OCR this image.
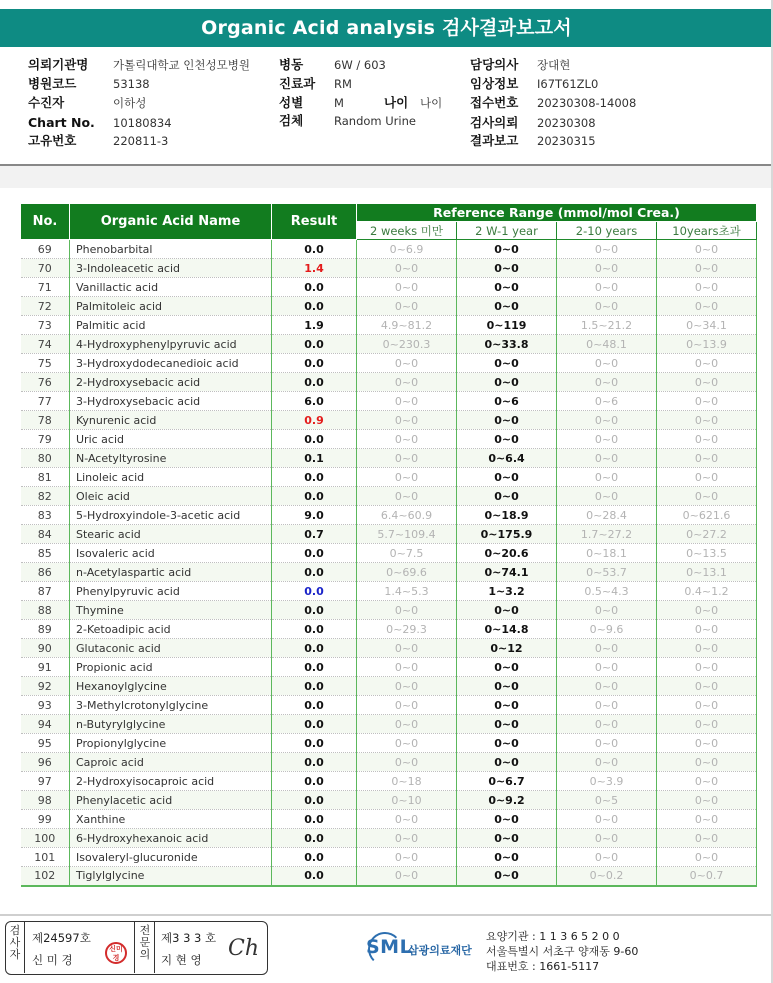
Organic Acid analysis 검사결과보고서
의뢰기관명 가톨릭대학교 인천성모병원
병원코드	53138
수진자	이하성
Chart No. 10180834
고유번호	220811-3
병동	6W / 603
진료과 RM
성별	M	나이 나이
검체	Random Urine
담당의사 장대현
임상정보 I67T61ZL0
접수번호 20230308-14008
검사의뢰 20230308
결과보고 20230315
No.	Organic Acid Name	Result	Reference Range (mmol/mol Crea.)			
			2 weeks 미만	2 W-1 year	2-10 years	10years초과
69	Phenobarbital	0.0	0~6.9	0~0	0~0	0~0
70	3-Indoleacetic acid	1.4	0~0	0~0	0~0	0~0
71	Vanillactic acid	0.0	0~0	0~0	0~0	0~0
72	Palmitoleic acid	0.0	0~0	0~0	0~0	0~0
73	Palmitic acid	1.9	4.9~81.2	0~119	1.5~21.2	0~34.1
74	4-Hydroxyphenylpyruvic acid	0.0	0~230.3	0~33.8	0~48.1	0~13.9
75	3-Hydroxydodecanedioic acid	0.0	0~0	0~0	0~0	0~0
76	2-Hydroxysebacic acid	0.0	0~0	0~0	0~0	0~0
77	3-Hydroxysebacic acid	6.0	0~0	0~6	0~6	0~0
78	Kynurenic acid	0.9	0~0	0~0	0~0	0~0
79	Uric acid	0.0	0~0	0~0	0~0	0~0
80	N-Acetyltyrosine	0.1	0~0	0~6.4	0~0	0~0
81	Linoleic acid	0.0	0~0	0~0	0~0	0~0
82	Oleic acid	0.0	0~0	0~0	0~0	0~0
83	5-Hydroxyindole-3-acetic acid	9.0	6.4~60.9	0~18.9	0~28.4	0~621.6
84	Stearic acid	0.7	5.7~109.4	0~175.9	1.7~27.2	0~27.2
85	Isovaleric acid	0.0	0~7.5	0~20.6	0~18.1	0~13.5
86	n-Acetylaspartic acid	0.0	0~69.6	0~74.1	0~53.7	0~13.1
87	Phenylpyruvic acid	0.0	1.4~5.3	1~3.2	0.5~4.3	0.4~1.2
88	Thymine	0.0	0~0	0~0	0~0	0~0
89	2-Ketoadipic acid	0.0	0~29.3	0~14.8	0~9.6	0~0
90	Glutaconic acid	0.0	0~0	0~12	0~0	0~0
91	Propionic acid	0.0	0~0	0~0	0~0	0~0
92	Hexanoylglycine	0.0	0~0	0~0	0~0	0~0
93	3-Methylcrotonylglycine	0.0	0~0	0~0	0~0	0~0
94	n-Butyrylglycine	0.0	0~0	0~0	0~0	0~0
95	Propionylglycine	0.0	0~0	0~0	0~0	0~0
96	Caproic acid	0.0	0~0	0~0	0~0	0~0
97	2-Hydroxyisocaproic acid	0.0	0~18	0~6.7	0~3.9	0~0
98	Phenylacetic acid	0.0	0~10	0~9.2	0~5	0~0
99	Xanthine	0.0	0~0	0~0	0~0	0~0
100	6-Hydroxyhexanoic acid	0.0	0~0	0~0	0~0	0~0
101	Isovaleryl-glucuronide	0.0	0~0	0~0	0~0	0~0
102	Tiglylglycine	0.0	0~0	0~0	0~0.2	0~0.7
검사자
제24597호
신 미 경
신미경
전문의
제3 3 3 호
지 현 영 Ch	SML
삼광의료재단
요양기관 : 1 1 3 6 5 2 0 0
서울특별시 서초구 양재동 9-60
대표번호 : 1661-5117
